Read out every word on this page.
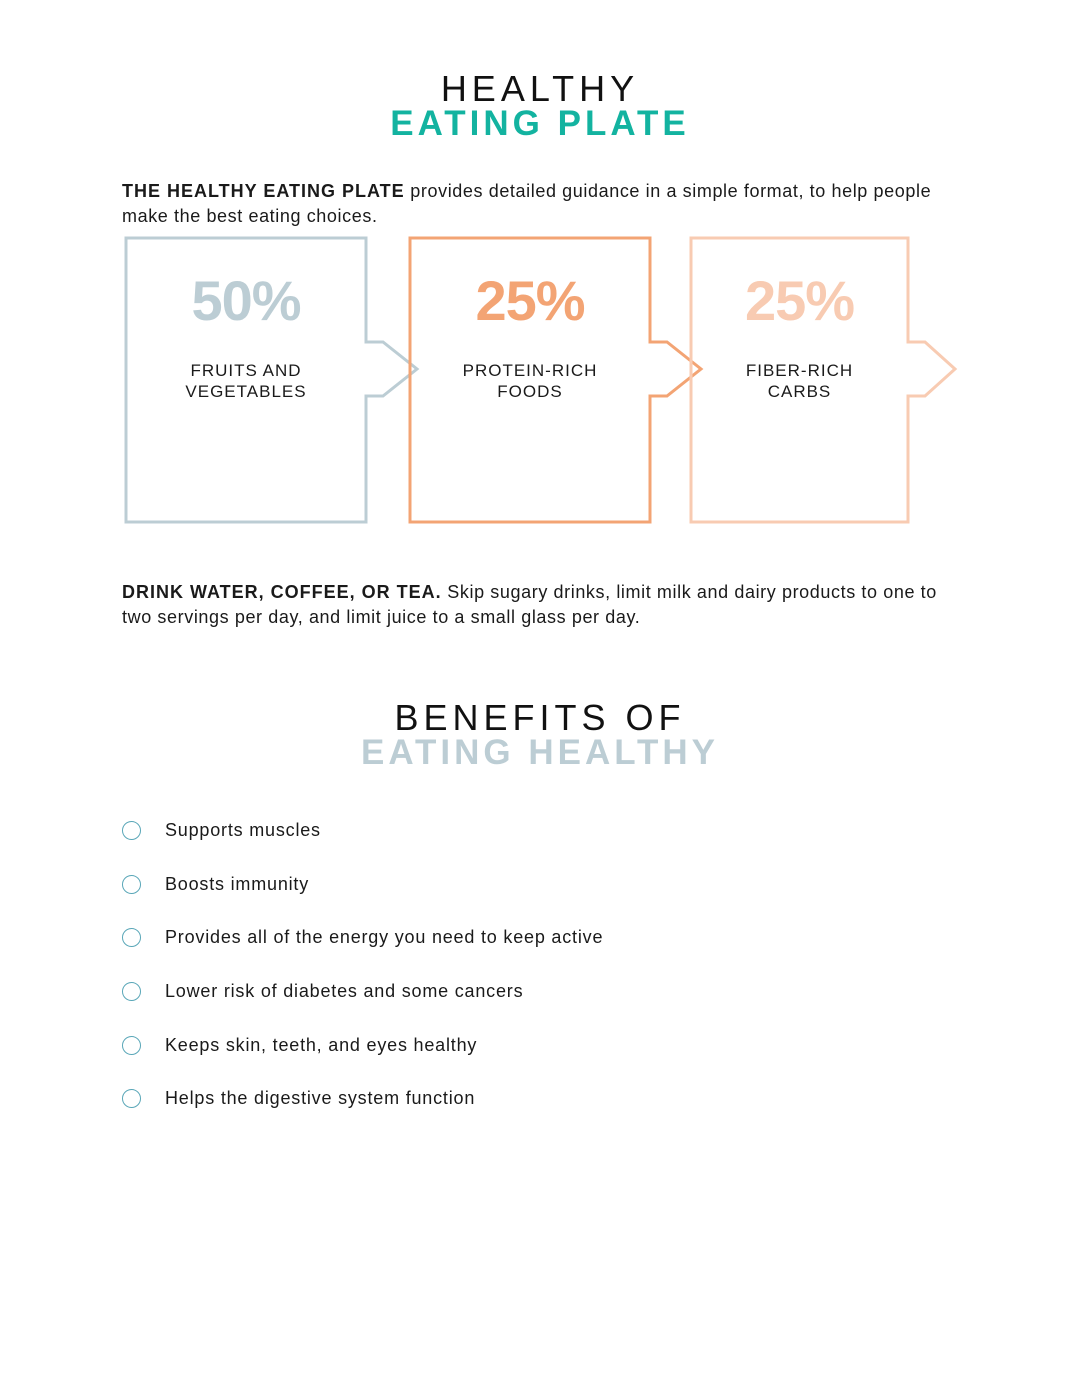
HEALTHY
EATING PLATE

THE HEALTHY EATING PLATE provides detailed guidance in a simple format, to help people make the best eating choices.

50%
FRUITS AND
VEGETABLES
25%
PROTEIN-RICH
FOODS
25%
FIBER-RICH
CARBS

DRINK WATER, COFFEE, OR TEA. Skip sugary drinks, limit milk and dairy products to one to two servings per day, and limit juice to a small glass per day.

BENEFITS OF
EATING HEALTHY
Supports muscles
Boosts immunity
Provides all of the energy you need to keep active
Lower risk of diabetes and some cancers
Keeps skin, teeth, and eyes healthy
Helps the digestive system function
